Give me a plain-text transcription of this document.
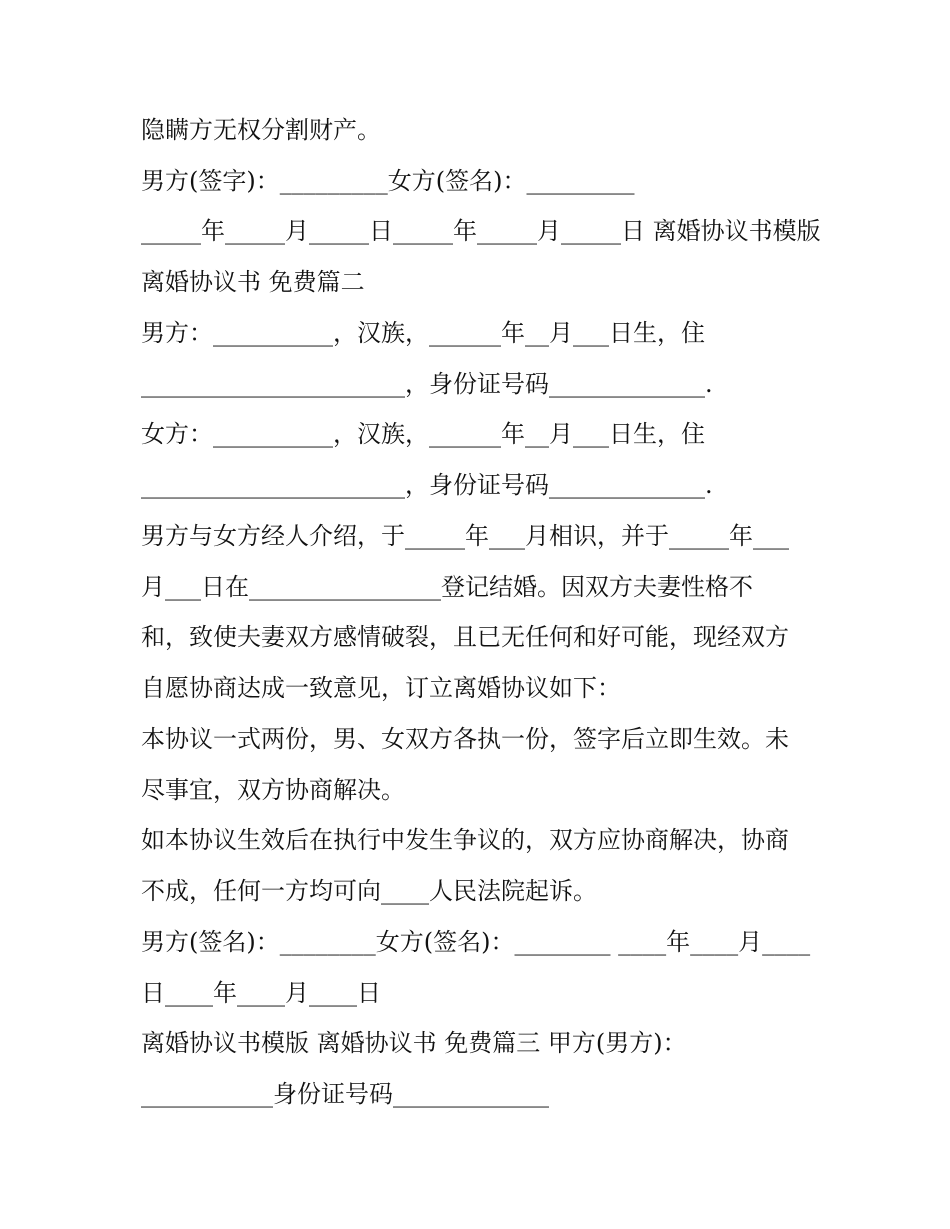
隐瞒方无权分割财产。

男方(签字)：_________女方(签名)：_________

_____年_____月_____日_____年_____月_____日 离婚协议书模版

离婚协议书 免费篇二

男方：__________，汉族，______年__月___日生，住

______________________，身份证号码_____________.

女方：__________，汉族，______年__月___日生，住

______________________，身份证号码_____________.

男方与女方经人介绍，于_____年___月相识，并于_____年___

月___日在________________登记结婚。因双方夫妻性格不

和，致使夫妻双方感情破裂，且已无任何和好可能，现经双方

自愿协商达成一致意见，订立离婚协议如下：

本协议一式两份，男、女双方各执一份，签字后立即生效。未

尽事宜，双方协商解决。

如本协议生效后在执行中发生争议的，双方应协商解决，协商

不成，任何一方均可向____人民法院起诉。

男方(签名)：________女方(签名)：________ ____年____月____

日____年____月____日

离婚协议书模版 离婚协议书 免费篇三 甲方(男方)：

___________身份证号码_____________
